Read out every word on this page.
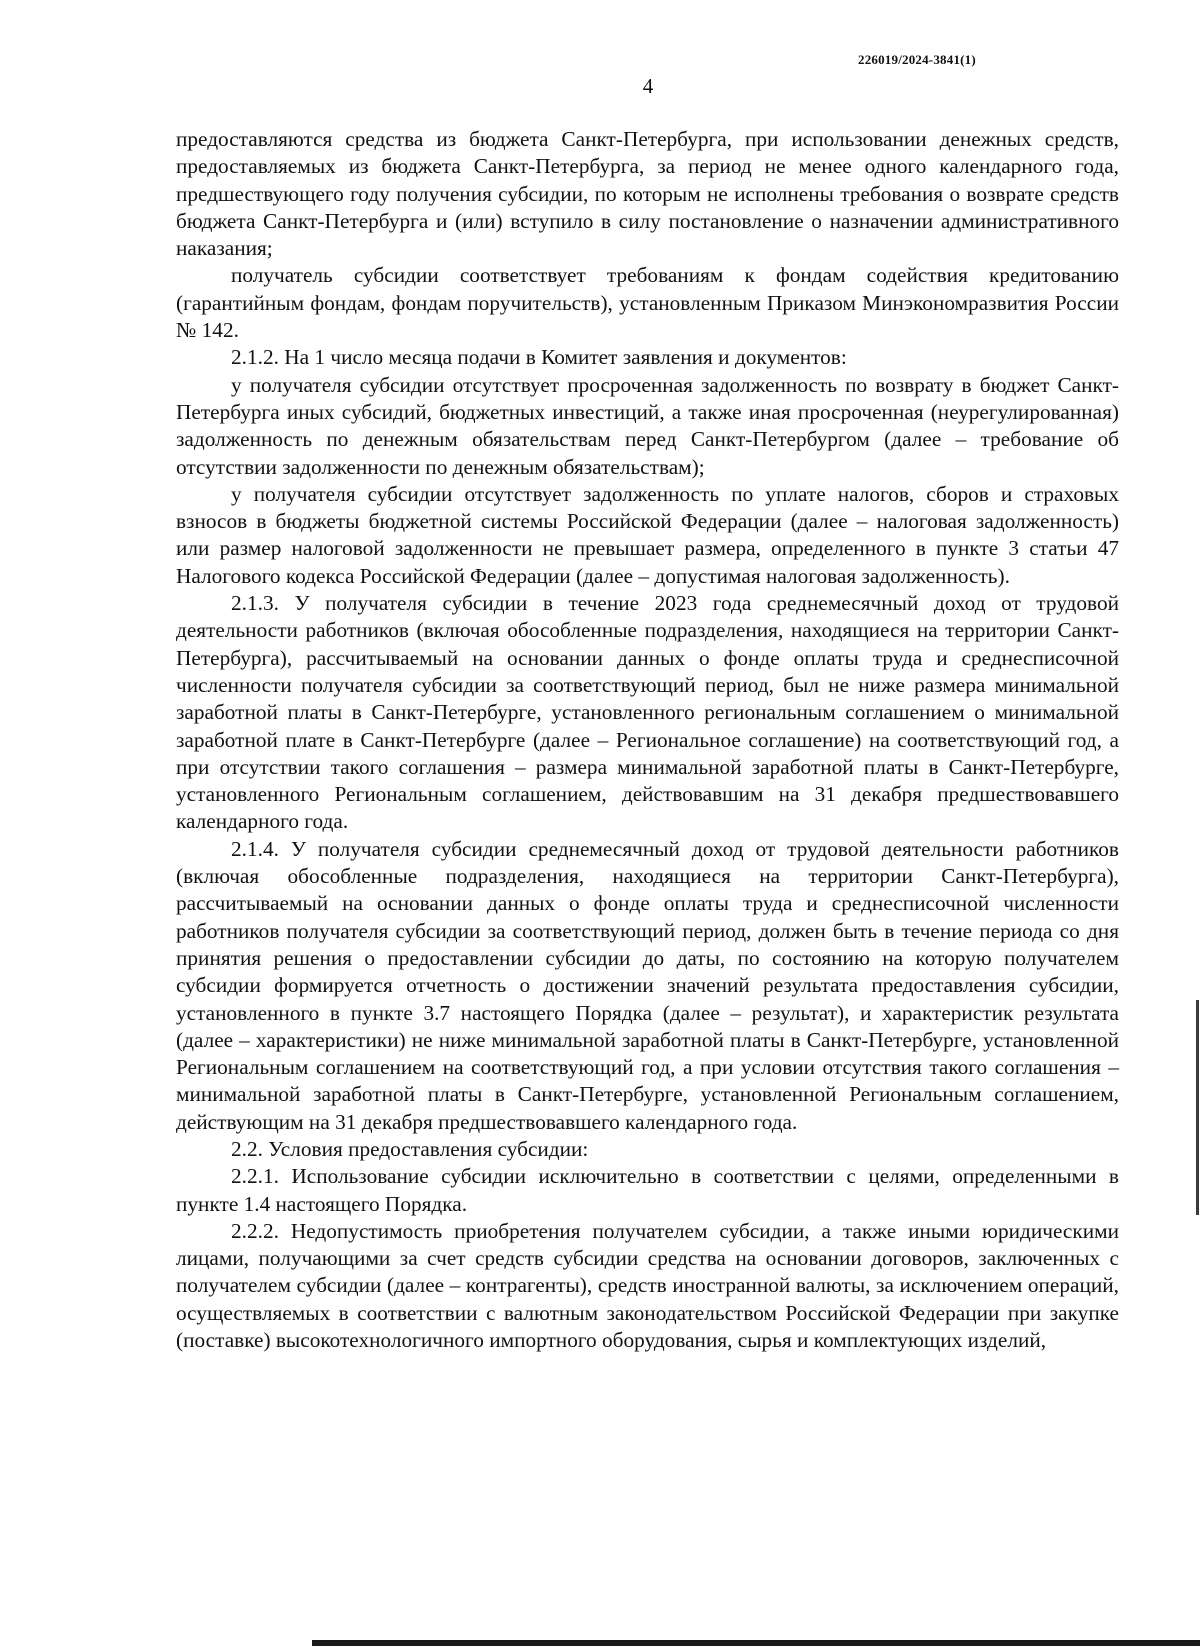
226019/2024-3841(1)
4

предоставляются средства из бюджета Санкт-Петербурга, при использовании денежных средств, предоставляемых из бюджета Санкт-Петербурга, за период не менее одного календарного года, предшествующего году получения субсидии, по которым не исполнены требования о возврате средств бюджета Санкт-Петербурга и (или) вступило в силу постановление о назначении административного наказания;

получатель субсидии соответствует требованиям к фондам содействия кредитованию (гарантийным фондам, фондам поручительств), установленным Приказом Минэкономразвития России № 142.

2.1.2. На 1 число месяца подачи в Комитет заявления и документов:

у получателя субсидии отсутствует просроченная задолженность по возврату в бюджет Санкт-Петербурга иных субсидий, бюджетных инвестиций, а также иная просроченная (неурегулированная) задолженность по денежным обязательствам перед Санкт-Петербургом (далее – требование об отсутствии задолженности по денежным обязательствам);

у получателя субсидии отсутствует задолженность по уплате налогов, сборов и страховых взносов в бюджеты бюджетной системы Российской Федерации (далее – налоговая задолженность) или размер налоговой задолженности не превышает размера, определенного в пункте 3 статьи 47 Налогового кодекса Российской Федерации (далее – допустимая налоговая задолженность).

2.1.3. У получателя субсидии в течение 2023 года среднемесячный доход от трудовой деятельности работников (включая обособленные подразделения, находящиеся на территории Санкт-Петербурга), рассчитываемый на основании данных о фонде оплаты труда и среднесписочной численности получателя субсидии за соответствующий период, был не ниже размера минимальной заработной платы в Санкт-Петербурге, установленного региональным соглашением о минимальной заработной плате в Санкт-Петербурге (далее – Региональное соглашение) на соответствующий год, а при отсутствии такого соглашения – размера минимальной заработной платы в Санкт-Петербурге, установленного Региональным соглашением, действовавшим на 31 декабря предшествовавшего календарного года.

2.1.4. У получателя субсидии среднемесячный доход от трудовой деятельности работников (включая обособленные подразделения, находящиеся на территории Санкт-Петербурга), рассчитываемый на основании данных о фонде оплаты труда и среднесписочной численности работников получателя субсидии за соответствующий период, должен быть в течение периода со дня принятия решения о предоставлении субсидии до даты, по состоянию на которую получателем субсидии формируется отчетность о достижении значений результата предоставления субсидии, установленного в пункте 3.7 настоящего Порядка (далее – результат), и характеристик результата (далее – характеристики) не ниже минимальной заработной платы в Санкт-Петербурге, установленной Региональным соглашением на соответствующий год, а при условии отсутствия такого соглашения – минимальной заработной платы в Санкт-Петербурге, установленной Региональным соглашением, действующим на 31 декабря предшествовавшего календарного года.

2.2. Условия предоставления субсидии:

2.2.1. Использование субсидии исключительно в соответствии с целями, определенными в пункте 1.4 настоящего Порядка.

2.2.2. Недопустимость приобретения получателем субсидии, а также иными юридическими лицами, получающими за счет средств субсидии средства на основании договоров, заключенных с получателем субсидии (далее – контрагенты), средств иностранной валюты, за исключением операций, осуществляемых в соответствии с валютным законодательством Российской Федерации при закупке (поставке) высокотехнологичного импортного оборудования, сырья и комплектующих изделий,
